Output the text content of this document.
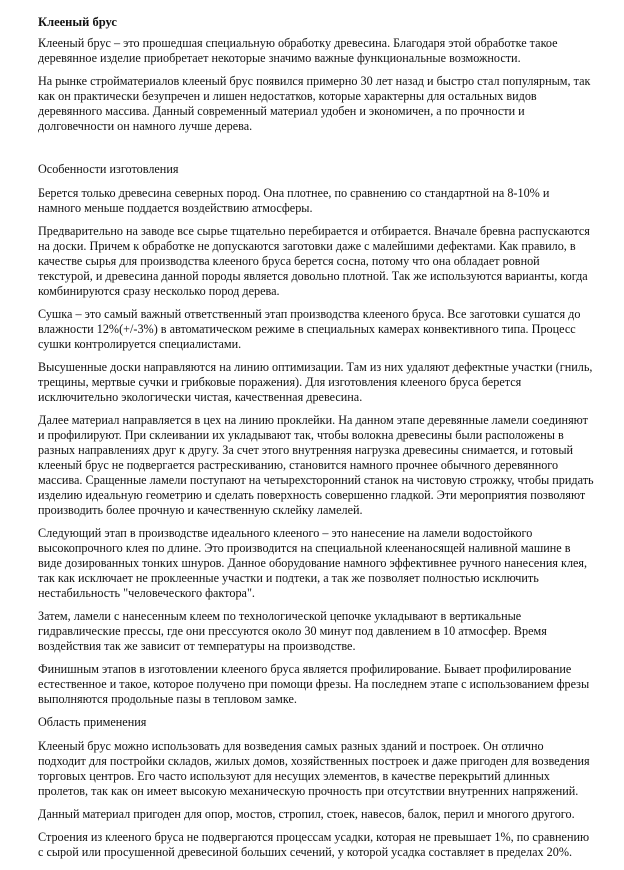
Клееный брус

Клееный брус – это прошедшая специальную обработку древесина. Благодаря этой обработке такое деревянное изделие приобретает некоторые значимо важные функциональные возможности.

На рынке стройматериалов клееный брус появился примерно 30 лет назад и быстро стал популярным, так как он практически безупречен и лишен недостатков, которые характерны для остальных видов деревянного массива. Данный современный материал удобен и экономичен, а по прочности и долговечности он намного лучше дерева.

Особенности изготовления

Берется только древесина северных пород. Она плотнее, по сравнению со стандартной на 8-10% и намного меньше поддается воздействию атмосферы.

Предварительно на заводе все сырье тщательно перебирается и отбирается. Вначале бревна распускаются на доски. Причем к обработке не допускаются заготовки даже с малейшими дефектами. Как правило, в качестве сырья для производства клееного бруса берется сосна, потому что она обладает ровной текстурой, и древесина данной породы является довольно плотной. Так же используются варианты, когда комбинируются сразу несколько пород дерева.

Сушка – это самый важный ответственный этап производства клееного бруса. Все заготовки сушатся до влажности 12%(+/-3%) в автоматическом режиме в специальных камерах конвективного типа. Процесс сушки контролируется специалистами.

Высушенные доски направляются на линию оптимизации. Там из них удаляют дефектные участки (гниль, трещины, мертвые сучки и грибковые поражения). Для изготовления клееного бруса берется исключительно экологически чистая, качественная древесина.

Далее материал направляется в цех на линию проклейки. На данном этапе деревянные ламели соединяют и профилируют. При склеивании их укладывают так, чтобы волокна древесины были расположены в разных направлениях друг к другу. За счет этого внутренняя нагрузка древесины снимается, и готовый клееный брус не подвергается растрескиванию, становится намного прочнее обычного деревянного массива. Сращенные ламели поступают на четырехсторонний станок на чистовую строжку, чтобы придать изделию идеальную геометрию и сделать поверхность совершенно гладкой. Эти мероприятия позволяют производить более прочную и качественную склейку ламелей.

Следующий этап в производстве идеального клееного – это нанесение на ламели водостойкого высокопрочного клея по длине. Это производится на специальной клеенаносящей наливной машине в виде дозированных тонких шнуров. Данное оборудование намного эффективнее ручного нанесения клея, так как исключает не проклеенные участки и подтеки, а так же позволяет полностью исключить нестабильность "человеческого фактора".

Затем, ламели с нанесенным клеем по технологической цепочке укладывают в вертикальные гидравлические прессы, где они прессуются около 30 минут под давлением в 10 атмосфер. Время воздействия так же зависит от температуры на производстве.

Финишным этапов в изготовлении клееного бруса является профилирование. Бывает профилирование естественное и такое, которое получено при помощи фрезы. На последнем этапе с использованием фрезы выполняются продольные пазы в тепловом замке.

Область применения

Клееный брус можно использовать для возведения самых разных зданий и построек. Он отлично подходит для постройки складов, жилых домов, хозяйственных построек и даже пригоден для возведения торговых центров. Его часто используют для несущих элементов, в качестве перекрытий длинных пролетов, так как он имеет высокую механическую прочность при отсутствии внутренних напряжений.

Данный материал пригоден для опор, мостов, стропил, стоек, навесов, балок, перил и многого другого.

Строения из клееного бруса не подвергаются процессам усадки, которая не превышает 1%, по сравнению с сырой или просушенной древесиной больших сечений, у которой усадка составляет в пределах 20%.
